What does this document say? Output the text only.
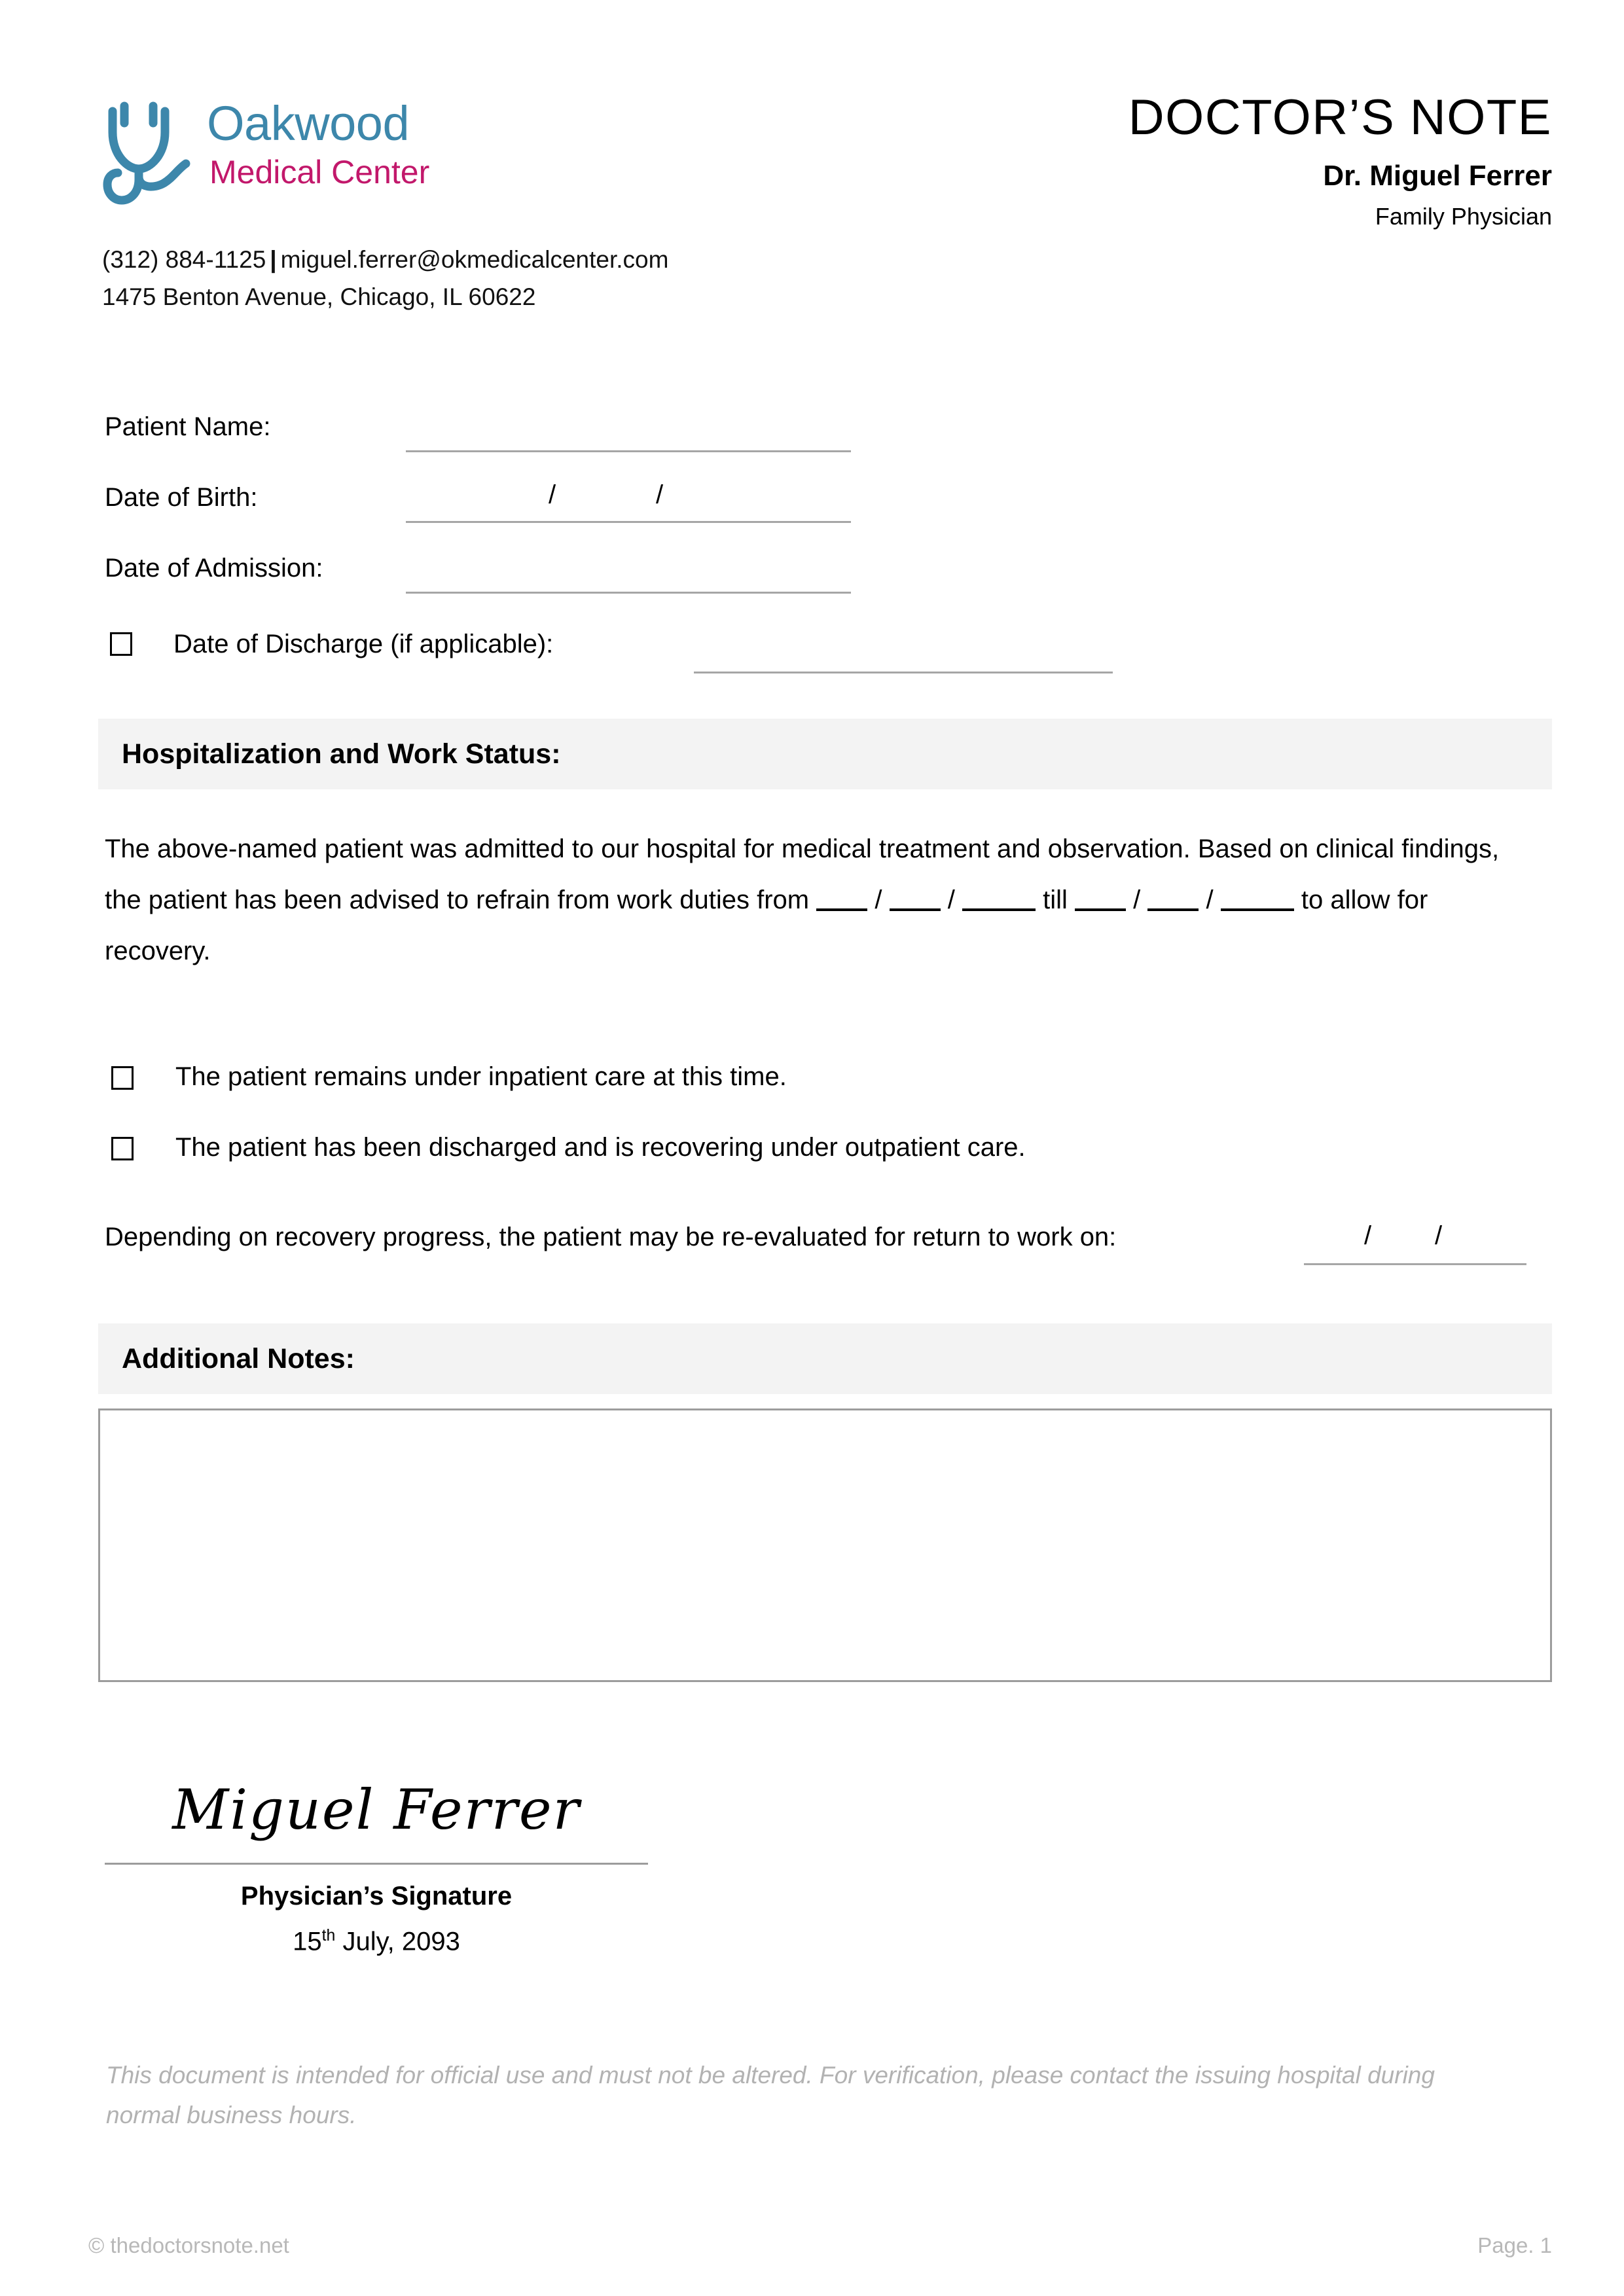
Oakwood
Medical Center
(312) 884-1125 | miguel.ferrer@okmedicalcenter.com
1475 Benton Avenue, Chicago, IL 60622
DOCTOR’S NOTE
Dr. Miguel Ferrer
Family Physician
Patient Name:
Date of Birth:	/	/
Date of Admission:
Date of Discharge (if applicable):
Hospitalization and Work Status:
The above-named patient was admitted to our hospital for medical treatment and observation. Based on clinical findings, the patient has been advised to refrain from work duties from	/	/	till	/	/	to allow for recovery.
The patient remains under inpatient care at this time.
The patient has been discharged and is recovering under outpatient care.
Depending on recovery progress, the patient may be re-evaluated for return to work on:	/ /
Additional Notes:
Miguel Ferrer
Physician’s Signature
15th July, 2093
This document is intended for official use and must not be altered. For verification, please contact the issuing hospital during normal business hours.
© thedoctorsnote.net	Page. 1
